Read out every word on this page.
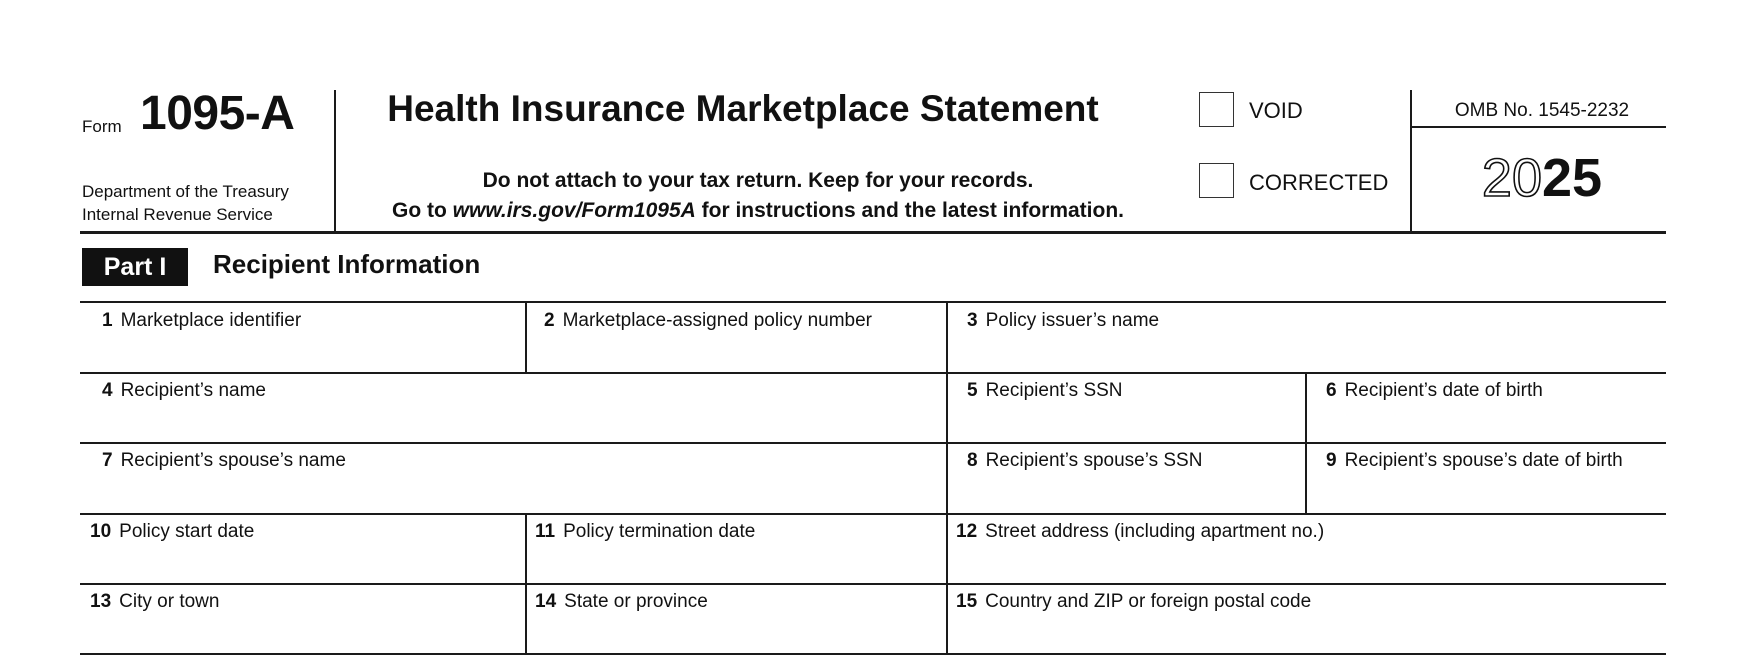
Form 1095-A
Department of the Treasury
Internal Revenue Service
Health Insurance Marketplace Statement
Do not attach to your tax return. Keep for your records.
Go to www.irs.gov/Form1095A for instructions and the latest information.
VOID
CORRECTED
OMB No. 1545-2232
2025
Part I	Recipient Information
1 Marketplace identifier	2 Marketplace-assigned policy number	3 Policy issuer’s name
4 Recipient’s name	5 Recipient’s SSN	6 Recipient’s date of birth
7 Recipient’s spouse’s name	8 Recipient’s spouse’s SSN	9 Recipient’s spouse’s date of birth
10 Policy start date	11 Policy termination date	12 Street address (including apartment no.)
13 City or town	14 State or province	15 Country and ZIP or foreign postal code
